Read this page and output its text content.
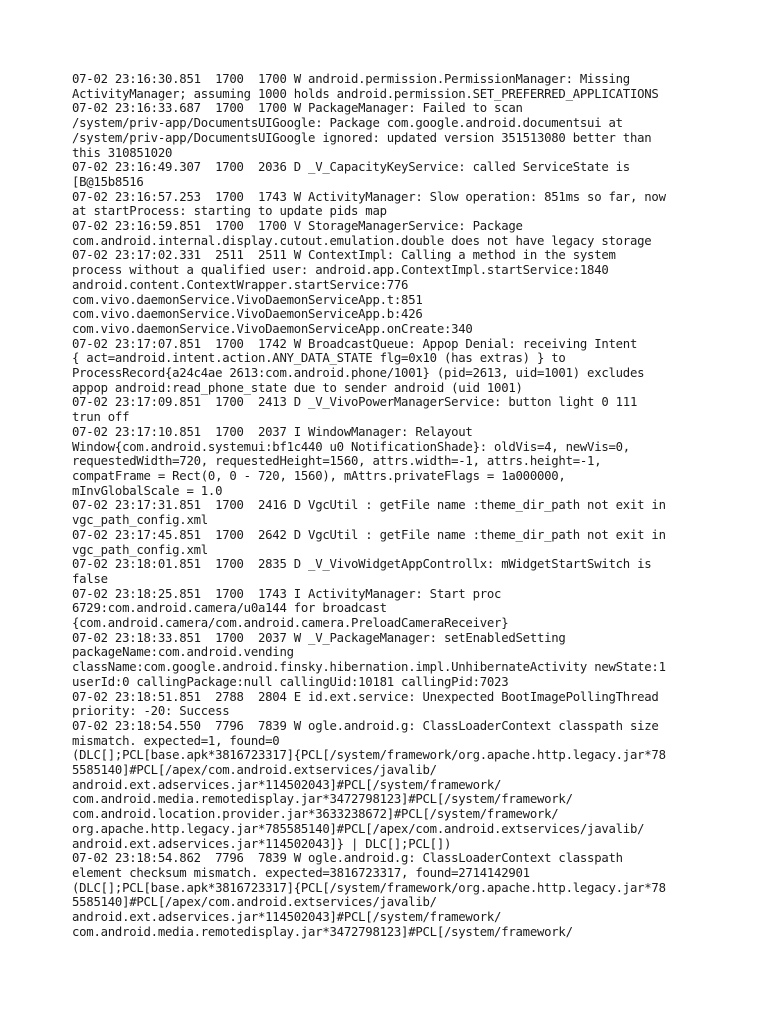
07-02 23:16:30.851  1700  1700 W android.permission.PermissionManager: Missing
ActivityManager; assuming 1000 holds android.permission.SET_PREFERRED_APPLICATIONS
07-02 23:16:33.687  1700  1700 W PackageManager: Failed to scan
/system/priv-app/DocumentsUIGoogle: Package com.google.android.documentsui at
/system/priv-app/DocumentsUIGoogle ignored: updated version 351513080 better than
this 310851020
07-02 23:16:49.307  1700  2036 D _V_CapacityKeyService: called ServiceState is
[B@15b8516
07-02 23:16:57.253  1700  1743 W ActivityManager: Slow operation: 851ms so far, now
at startProcess: starting to update pids map
07-02 23:16:59.851  1700  1700 V StorageManagerService: Package
com.android.internal.display.cutout.emulation.double does not have legacy storage
07-02 23:17:02.331  2511  2511 W ContextImpl: Calling a method in the system
process without a qualified user: android.app.ContextImpl.startService:1840
android.content.ContextWrapper.startService:776
com.vivo.daemonService.VivoDaemonServiceApp.t:851
com.vivo.daemonService.VivoDaemonServiceApp.b:426
com.vivo.daemonService.VivoDaemonServiceApp.onCreate:340
07-02 23:17:07.851  1700  1742 W BroadcastQueue: Appop Denial: receiving Intent
{ act=android.intent.action.ANY_DATA_STATE flg=0x10 (has extras) } to
ProcessRecord{a24c4ae 2613:com.android.phone/1001} (pid=2613, uid=1001) excludes
appop android:read_phone_state due to sender android (uid 1001)
07-02 23:17:09.851  1700  2413 D _V_VivoPowerManagerService: button light 0 111
trun off
07-02 23:17:10.851  1700  2037 I WindowManager: Relayout
Window{com.android.systemui:bf1c440 u0 NotificationShade}: oldVis=4, newVis=0,
requestedWidth=720, requestedHeight=1560, attrs.width=-1, attrs.height=-1,
compatFrame = Rect(0, 0 - 720, 1560), mAttrs.privateFlags = 1a000000,
mInvGlobalScale = 1.0
07-02 23:17:31.851  1700  2416 D VgcUtil : getFile name :theme_dir_path not exit in
vgc_path_config.xml
07-02 23:17:45.851  1700  2642 D VgcUtil : getFile name :theme_dir_path not exit in
vgc_path_config.xml
07-02 23:18:01.851  1700  2835 D _V_VivoWidgetAppControllx: mWidgetStartSwitch is
false
07-02 23:18:25.851  1700  1743 I ActivityManager: Start proc
6729:com.android.camera/u0a144 for broadcast
{com.android.camera/com.android.camera.PreloadCameraReceiver}
07-02 23:18:33.851  1700  2037 W _V_PackageManager: setEnabledSetting
packageName:com.android.vending
className:com.google.android.finsky.hibernation.impl.UnhibernateActivity newState:1
userId:0 callingPackage:null callingUid:10181 callingPid:7023
07-02 23:18:51.851  2788  2804 E id.ext.service: Unexpected BootImagePollingThread
priority: -20: Success
07-02 23:18:54.550  7796  7839 W ogle.android.g: ClassLoaderContext classpath size
mismatch. expected=1, found=0
(DLC[];PCL[base.apk*3816723317]{PCL[/system/framework/org.apache.http.legacy.jar*78
5585140]#PCL[/apex/com.android.extservices/javalib/
android.ext.adservices.jar*114502043]#PCL[/system/framework/
com.android.media.remotedisplay.jar*3472798123]#PCL[/system/framework/
com.android.location.provider.jar*3633238672]#PCL[/system/framework/
org.apache.http.legacy.jar*785585140]#PCL[/apex/com.android.extservices/javalib/
android.ext.adservices.jar*114502043]} | DLC[];PCL[])
07-02 23:18:54.862  7796  7839 W ogle.android.g: ClassLoaderContext classpath
element checksum mismatch. expected=3816723317, found=2714142901
(DLC[];PCL[base.apk*3816723317]{PCL[/system/framework/org.apache.http.legacy.jar*78
5585140]#PCL[/apex/com.android.extservices/javalib/
android.ext.adservices.jar*114502043]#PCL[/system/framework/
com.android.media.remotedisplay.jar*3472798123]#PCL[/system/framework/
